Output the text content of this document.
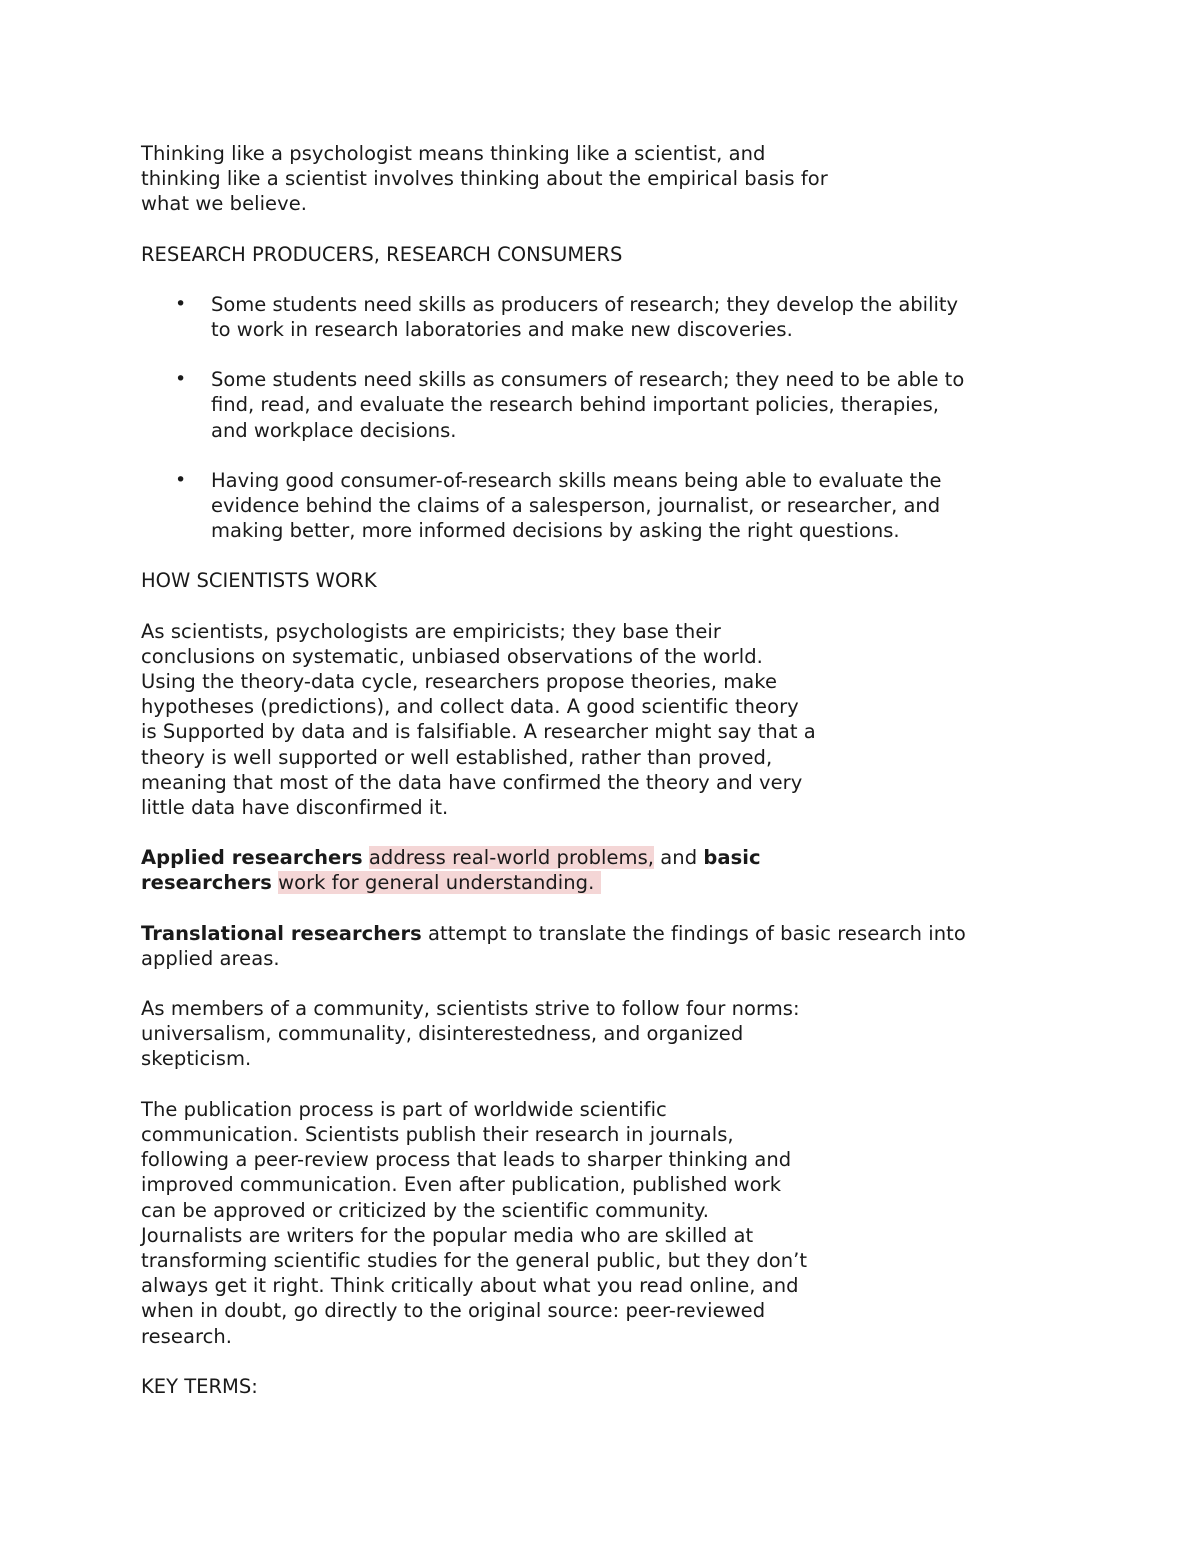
Thinking like a psychologist means thinking like a scientist, and
thinking like a scientist involves thinking about the empirical basis for
what we believe.

RESEARCH PRODUCERS, RESEARCH CONSUMERS

• Some students need skills as producers of research; they develop the ability
to work in research laboratories and make new discoveries.
• Some students need skills as consumers of research; they need to be able to
find, read, and evaluate the research behind important policies, therapies,
and workplace decisions.
• Having good consumer-of-research skills means being able to evaluate the
evidence behind the claims of a salesperson, journalist, or researcher, and
making better, more informed decisions by asking the right questions.

HOW SCIENTISTS WORK

As scientists, psychologists are empiricists; they base their
conclusions on systematic, unbiased observations of the world.
Using the theory-data cycle, researchers propose theories, make
hypotheses (predictions), and collect data. A good scientific theory
is Supported by data and is falsifiable. A researcher might say that a
theory is well supported or well established, rather than proved,
meaning that most of the data have confirmed the theory and very
little data have disconfirmed it.

Applied researchers address real-world problems, and basic
researchers work for general understanding.

Translational researchers attempt to translate the findings of basic research into
applied areas.

As members of a community, scientists strive to follow four norms:
universalism, communality, disinterestedness, and organized
skepticism.

The publication process is part of worldwide scientific
communication. Scientists publish their research in journals,
following a peer-review process that leads to sharper thinking and
improved communication. Even after publication, published work
can be approved or criticized by the scientific community.
Journalists are writers for the popular media who are skilled at
transforming scientific studies for the general public, but they don’t
always get it right. Think critically about what you read online, and
when in doubt, go directly to the original source: peer-reviewed
research.

KEY TERMS:
